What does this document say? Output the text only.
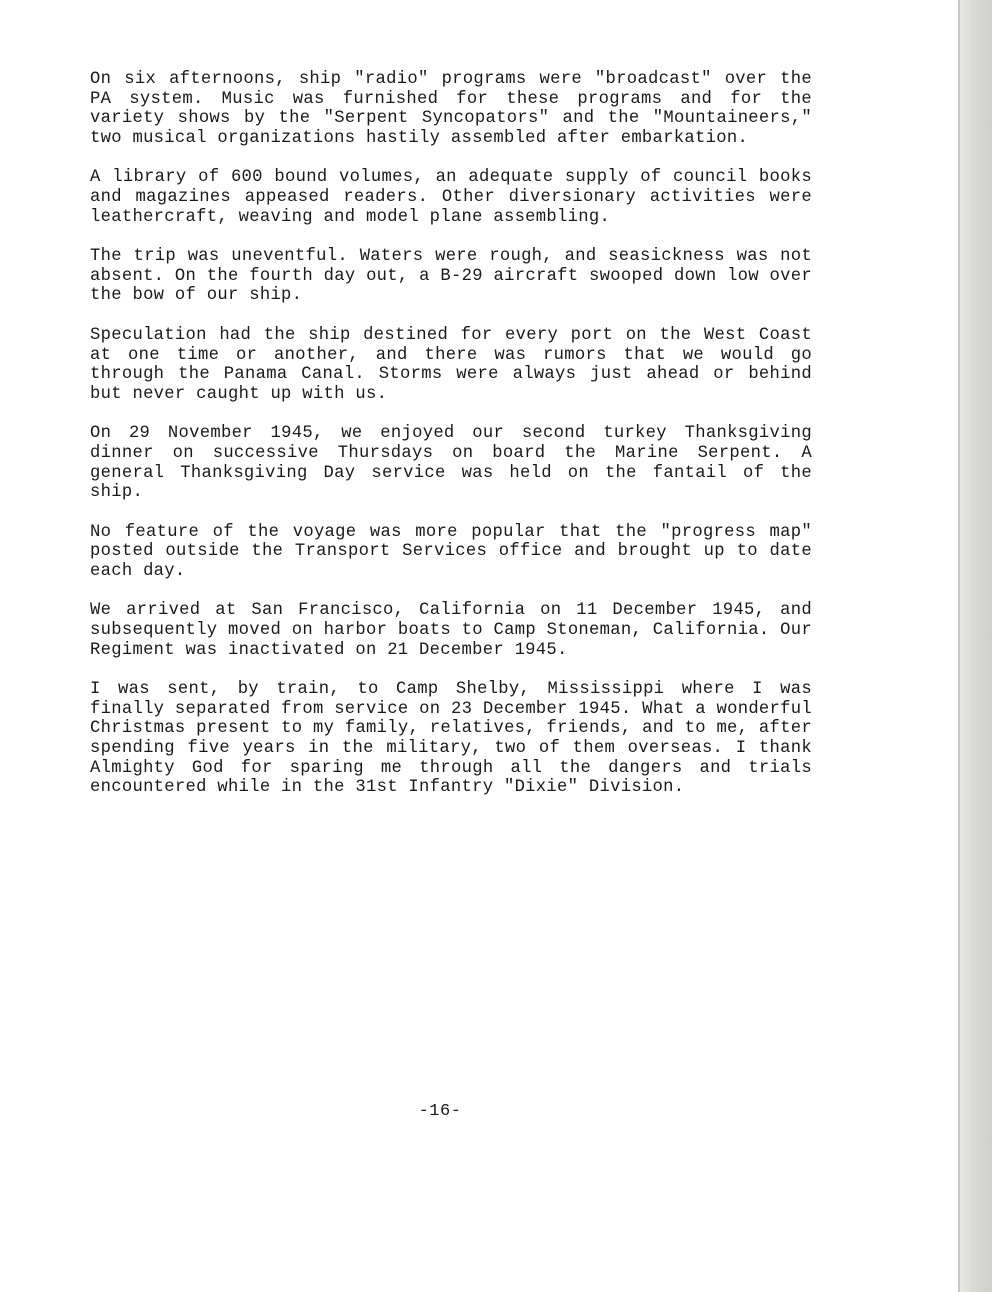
On six afternoons, ship "radio" programs were "broadcast" over the PA system. Music was furnished for these programs and for the variety shows by the "Serpent Syncopators" and the "Mountaineers," two musical organizations hastily assembled after embarkation.

A library of 600 bound volumes, an adequate supply of council books and magazines appeased readers. Other diversionary activities were leathercraft, weaving and model plane assembling.

The trip was uneventful. Waters were rough, and seasickness was not absent. On the fourth day out, a B-29 aircraft swooped down low over the bow of our ship.

Speculation had the ship destined for every port on the West Coast at one time or another, and there was rumors that we would go through the Panama Canal. Storms were always just ahead or behind but never caught up with us.

On 29 November 1945, we enjoyed our second turkey Thanksgiving dinner on successive Thursdays on board the Marine Serpent. A general Thanksgiving Day service was held on the fantail of the ship.

No feature of the voyage was more popular that the "progress map" posted outside the Transport Services office and brought up to date each day.

We arrived at San Francisco, California on 11 December 1945, and subsequently moved on harbor boats to Camp Stoneman, California. Our Regiment was inactivated on 21 December 1945.

I was sent, by train, to Camp Shelby, Mississippi where I was finally separated from service on 23 December 1945. What a wonderful Christmas present to my family, relatives, friends, and to me, after spending five years in the military, two of them overseas. I thank Almighty God for sparing me through all the dangers and trials encountered while in the 31st Infantry "Dixie" Division.

-16-
